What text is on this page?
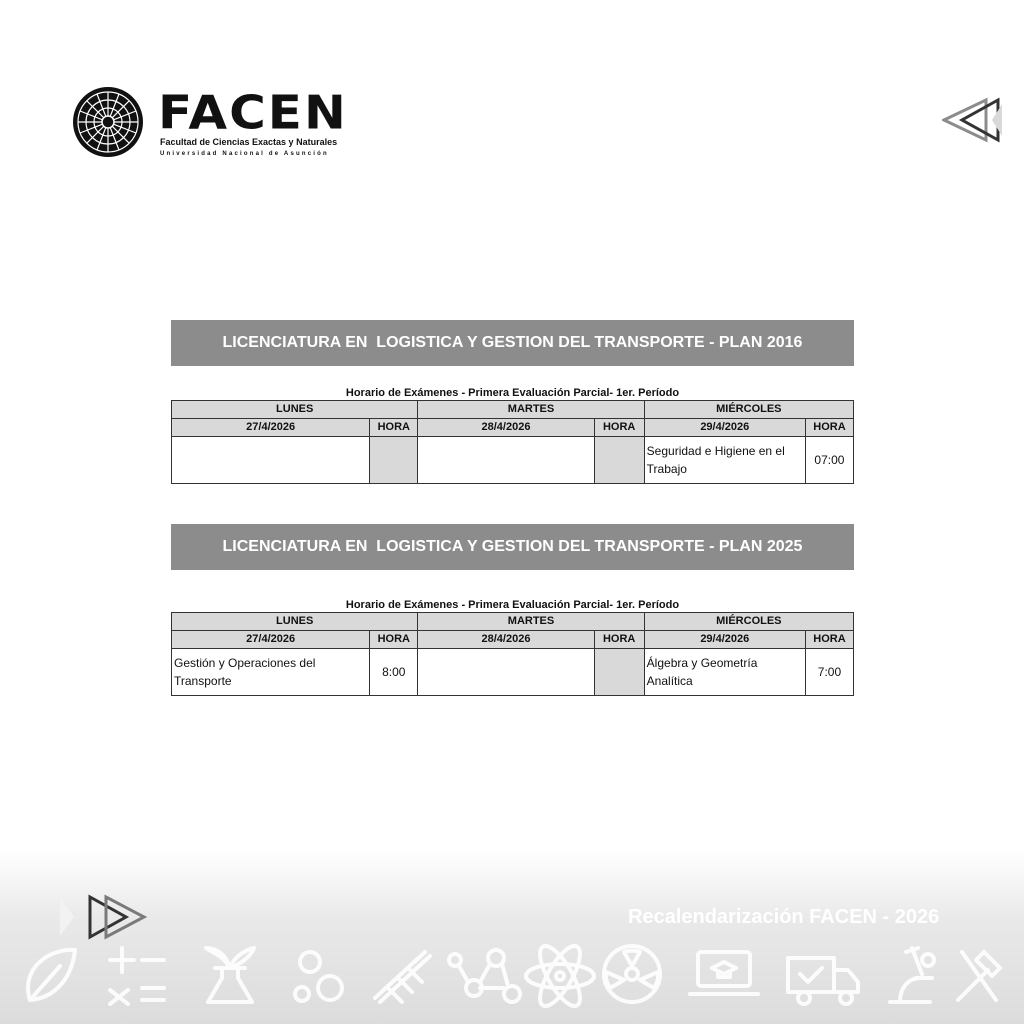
FACEN
Facultad de Ciencias Exactas y Naturales
Universidad Nacional de Asunción
LICENCIATURA EN  LOGISTICA Y GESTION DEL TRANSPORTE - PLAN 2016
Horario de Exámenes - Primera Evaluación Parcial- 1er. Período
LUNES		MARTES		MIÉRCOLES	
27/4/2026	HORA	28/4/2026	HORA	29/4/2026	HORA
				Seguridad e Higiene en el Trabajo	07:00
LICENCIATURA EN  LOGISTICA Y GESTION DEL TRANSPORTE - PLAN 2025
Horario de Exámenes - Primera Evaluación Parcial- 1er. Período
LUNES		MARTES		MIÉRCOLES	
27/4/2026	HORA	28/4/2026	HORA	29/4/2026	HORA
Gestión y Operaciones del Transporte	8:00			Álgebra y Geometría Analítica	7:00
Recalendarización FACEN - 2026
